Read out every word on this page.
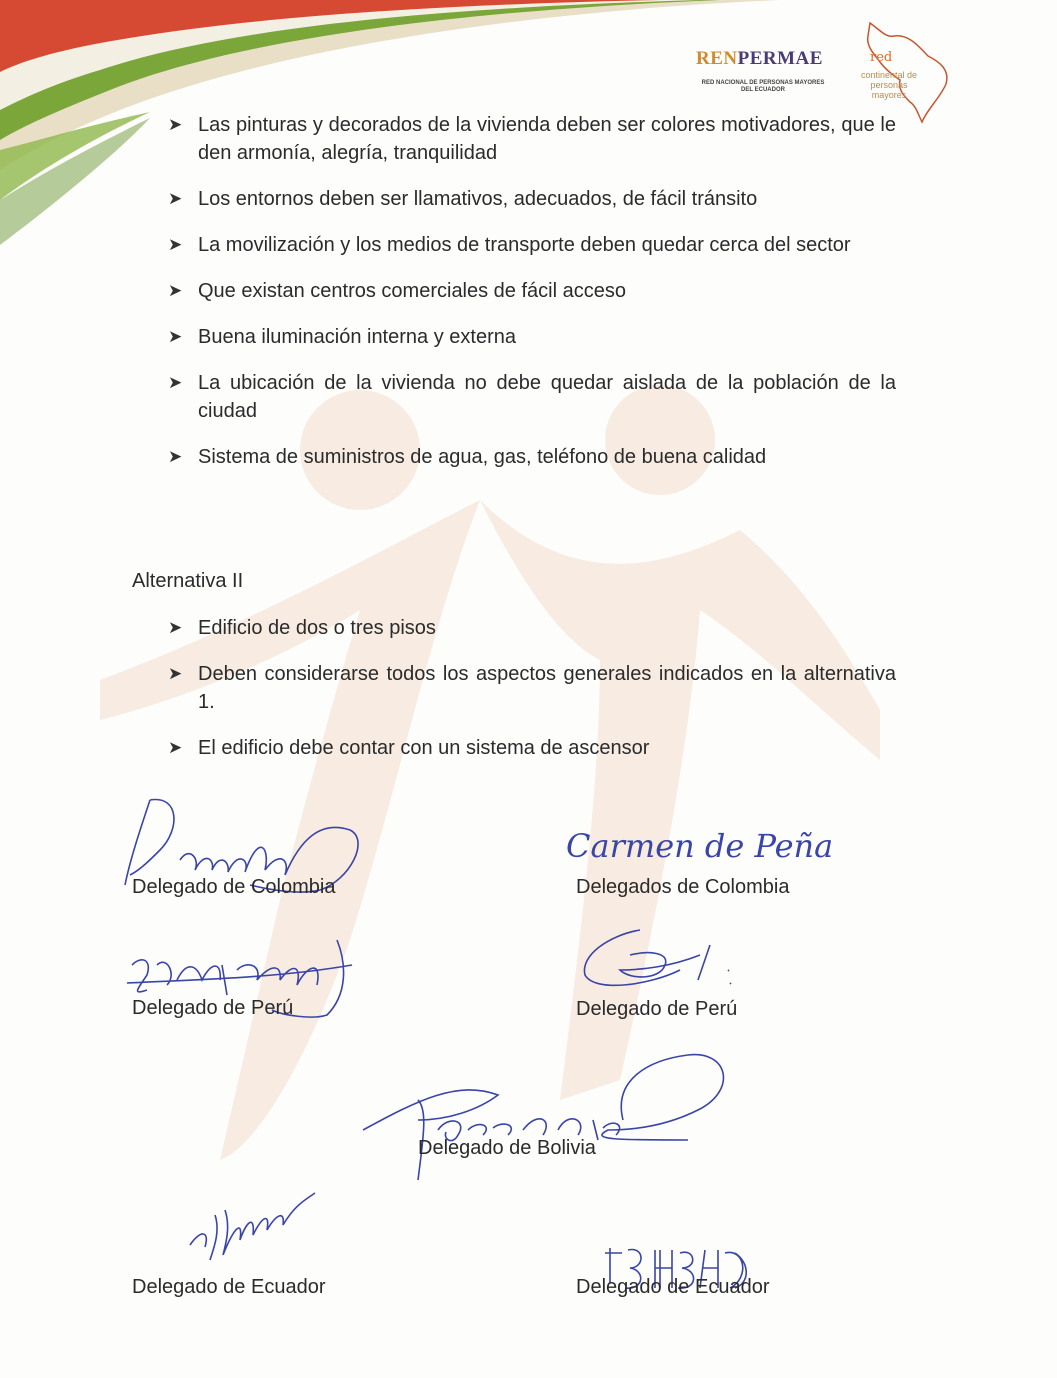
RENPERMAE
RED NACIONAL DE PERSONAS MAYORES DEL ECUADOR
red
continental de personas mayores
➤ Las pinturas y decorados de la vivienda deben ser colores motivadores, que le den armonía, alegría, tranquilidad
➤ Los entornos deben ser llamativos, adecuados, de fácil tránsito
➤ La movilización y los medios de transporte deben quedar cerca del sector
➤ Que existan centros comerciales de fácil acceso
➤ Buena iluminación interna y externa
➤ La ubicación de la vivienda no debe quedar aislada de la población de la ciudad
➤ Sistema de suministros de agua, gas, teléfono de buena calidad
Alternativa II
➤ Edificio de dos o tres pisos
➤ Deben considerarse todos los aspectos generales indicados en la alternativa 1.
➤ El edificio debe contar con un sistema de ascensor
Delegado de Colombia
Carmen de Peña
Delegados de Colombia
Delegado de Perú	Delegado de Perú
Delegado de Bolivia
Delegado de Ecuador	Delegado de Ecuador
